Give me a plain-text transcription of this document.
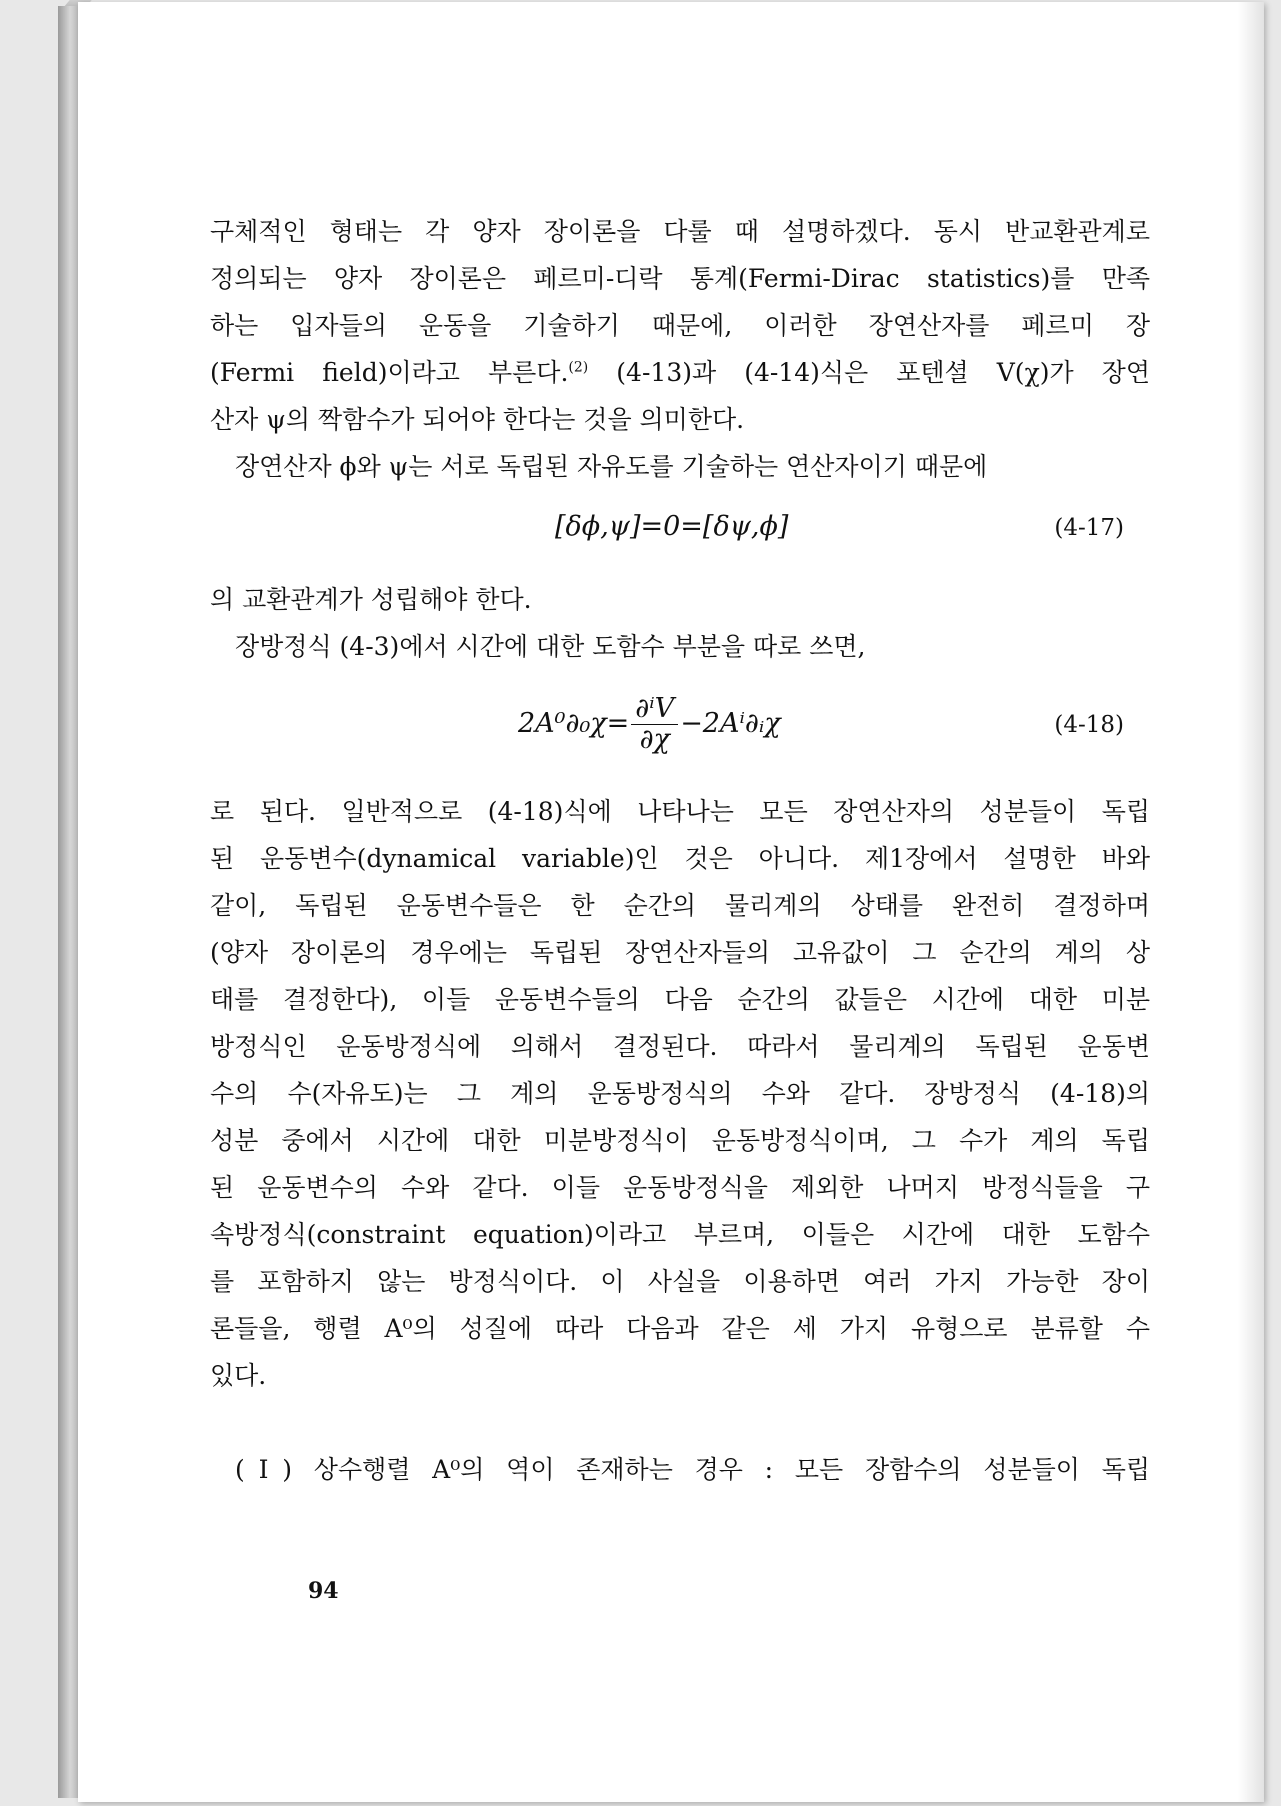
구체적인 형태는 각 양자 장이론을 다룰 때 설명하겠다. 동시 반교환관계로

정의되는 양자 장이론은 페르미-디락 통계(Fermi-Dirac statistics)를 만족

하는 입자들의 운동을 기술하기 때문에, 이러한 장연산자를 페르미 장

(Fermi field)이라고 부른다.$^{(2)}$ (4-13)과 (4-14)식은 포텐셜 V(χ)가 장연

산자 ψ의 짝함수가 되어야 한다는 것을 의미한다.

장연산자 ϕ와 ψ는 서로 독립된 자유도를 기술하는 연산자이기 때문에

[δϕ,ψ]=0=[δψ,ϕ]	(4-17)

의 교환관계가 성립해야 한다.

장방정식 (4-3)에서 시간에 대한 도함수 부분을 따로 쓰면,

$2A^0\partial_0\chi= \frac{\text{∂ⁱV}}{\partial\chi}$ −2Aⁱ∂ᵢχ	(4-18)

로 된다. 일반적으로 (4-18)식에 나타나는 모든 장연산자의 성분들이 독립

된 운동변수(dynamical variable)인 것은 아니다. 제1장에서 설명한 바와

같이, 독립된 운동변수들은 한 순간의 물리계의 상태를 완전히 결정하며

(양자 장이론의 경우에는 독립된 장연산자들의 고유값이 그 순간의 계의 상

태를 결정한다), 이들 운동변수들의 다음 순간의 값들은 시간에 대한 미분

방정식인 운동방정식에 의해서 결정된다. 따라서 물리계의 독립된 운동변

수의 수(자유도)는 그 계의 운동방정식의 수와 같다. 장방정식 (4-18)의

성분 중에서 시간에 대한 미분방정식이 운동방정식이며, 그 수가 계의 독립

된 운동변수의 수와 같다. 이들 운동방정식을 제외한 나머지 방정식들을 구

속방정식(constraint equation)이라고 부르며, 이들은 시간에 대한 도함수

를 포함하지 않는 방정식이다. 이 사실을 이용하면 여러 가지 가능한 장이

론들을, 행렬 A⁰의 성질에 따라 다음과 같은 세 가지 유형으로 분류할 수

있다.

(Ⅰ) 상수행렬 A⁰의 역이 존재하는 경우 : 모든 장함수의 성분들이 독립

94
